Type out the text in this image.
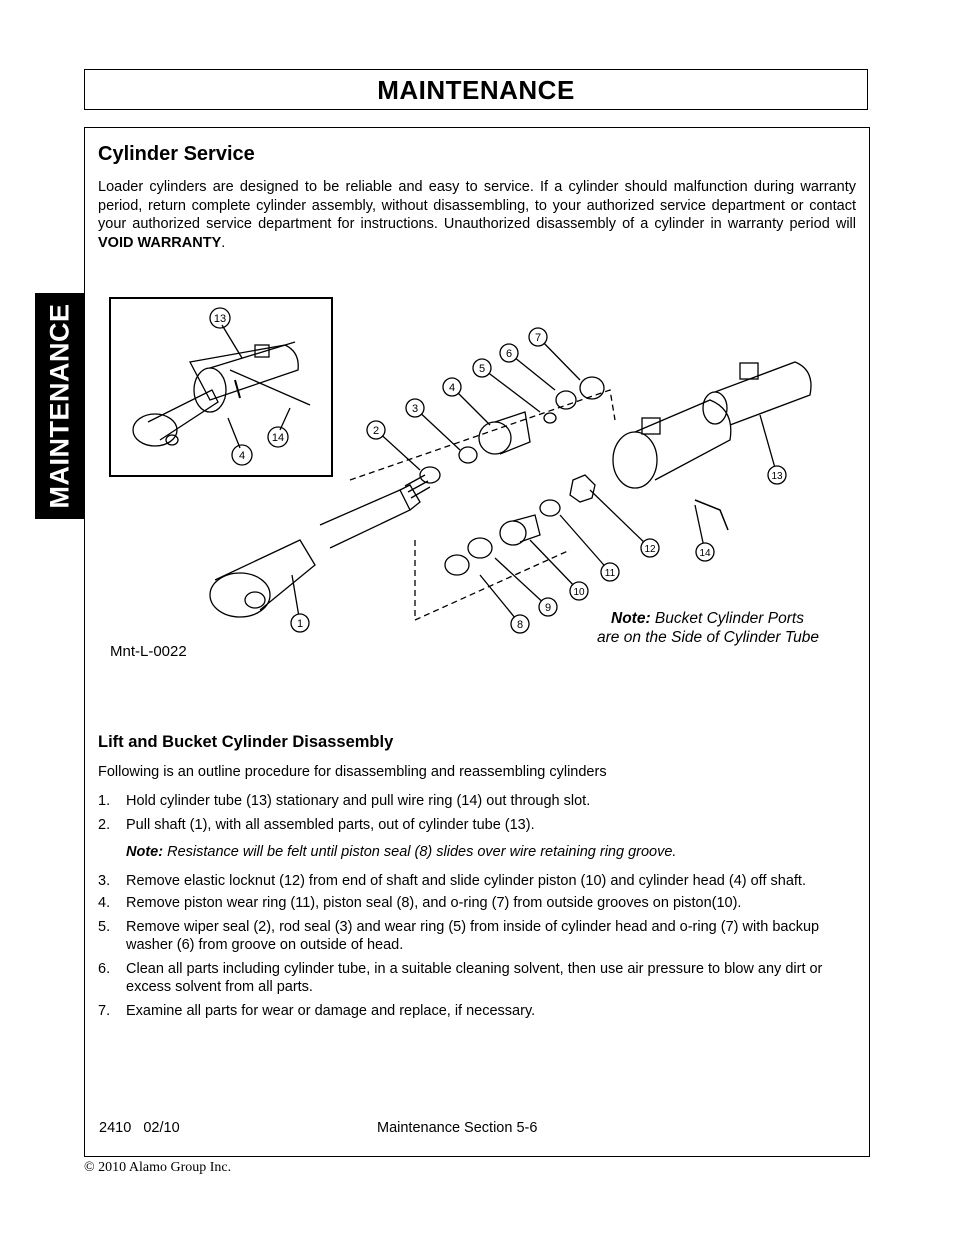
MAINTENANCE
MAINTENANCE
Cylinder Service
Loader cylinders are designed to be reliable and easy to service. If a cylinder should malfunction during warranty period, return complete cylinder assembly, without disassembling, to your authorized service department or contact your authorized service department for instructions. Unauthorized disassembly of a cylinder in warranty period will VOID WARRANTY.
13
4
14
1
2
3
4
5
6
7
8
9
10
11
12
13
14
Mnt-L-0022
Note: Bucket Cylinder Ports
are on the Side of Cylinder Tube
Lift and Bucket Cylinder Disassembly
Following is an outline procedure for disassembling and reassembling cylinders
1.	Hold cylinder tube (13) stationary and pull wire ring (14) out through slot.
2.	Pull shaft (1), with all assembled parts, out of cylinder tube (13).
Note: Resistance will be felt until piston seal (8) slides over wire retaining ring groove.
3.	Remove elastic locknut (12) from end of shaft and slide cylinder piston (10) and cylinder head (4) off shaft.
4.	Remove piston wear ring (11), piston seal (8), and o-ring (7) from outside grooves on piston(10).
5.	Remove wiper seal (2), rod seal (3) and wear ring (5) from inside of cylinder head and o-ring (7) with backup washer (6) from groove on outside of head.
6.	Clean all parts including cylinder tube, in a suitable cleaning solvent, then use air pressure to blow any dirt or excess solvent from all parts.
7.	Examine all parts for wear or damage and replace, if necessary.
2410 02/10	Maintenance Section 5-6
© 2010 Alamo Group Inc.
